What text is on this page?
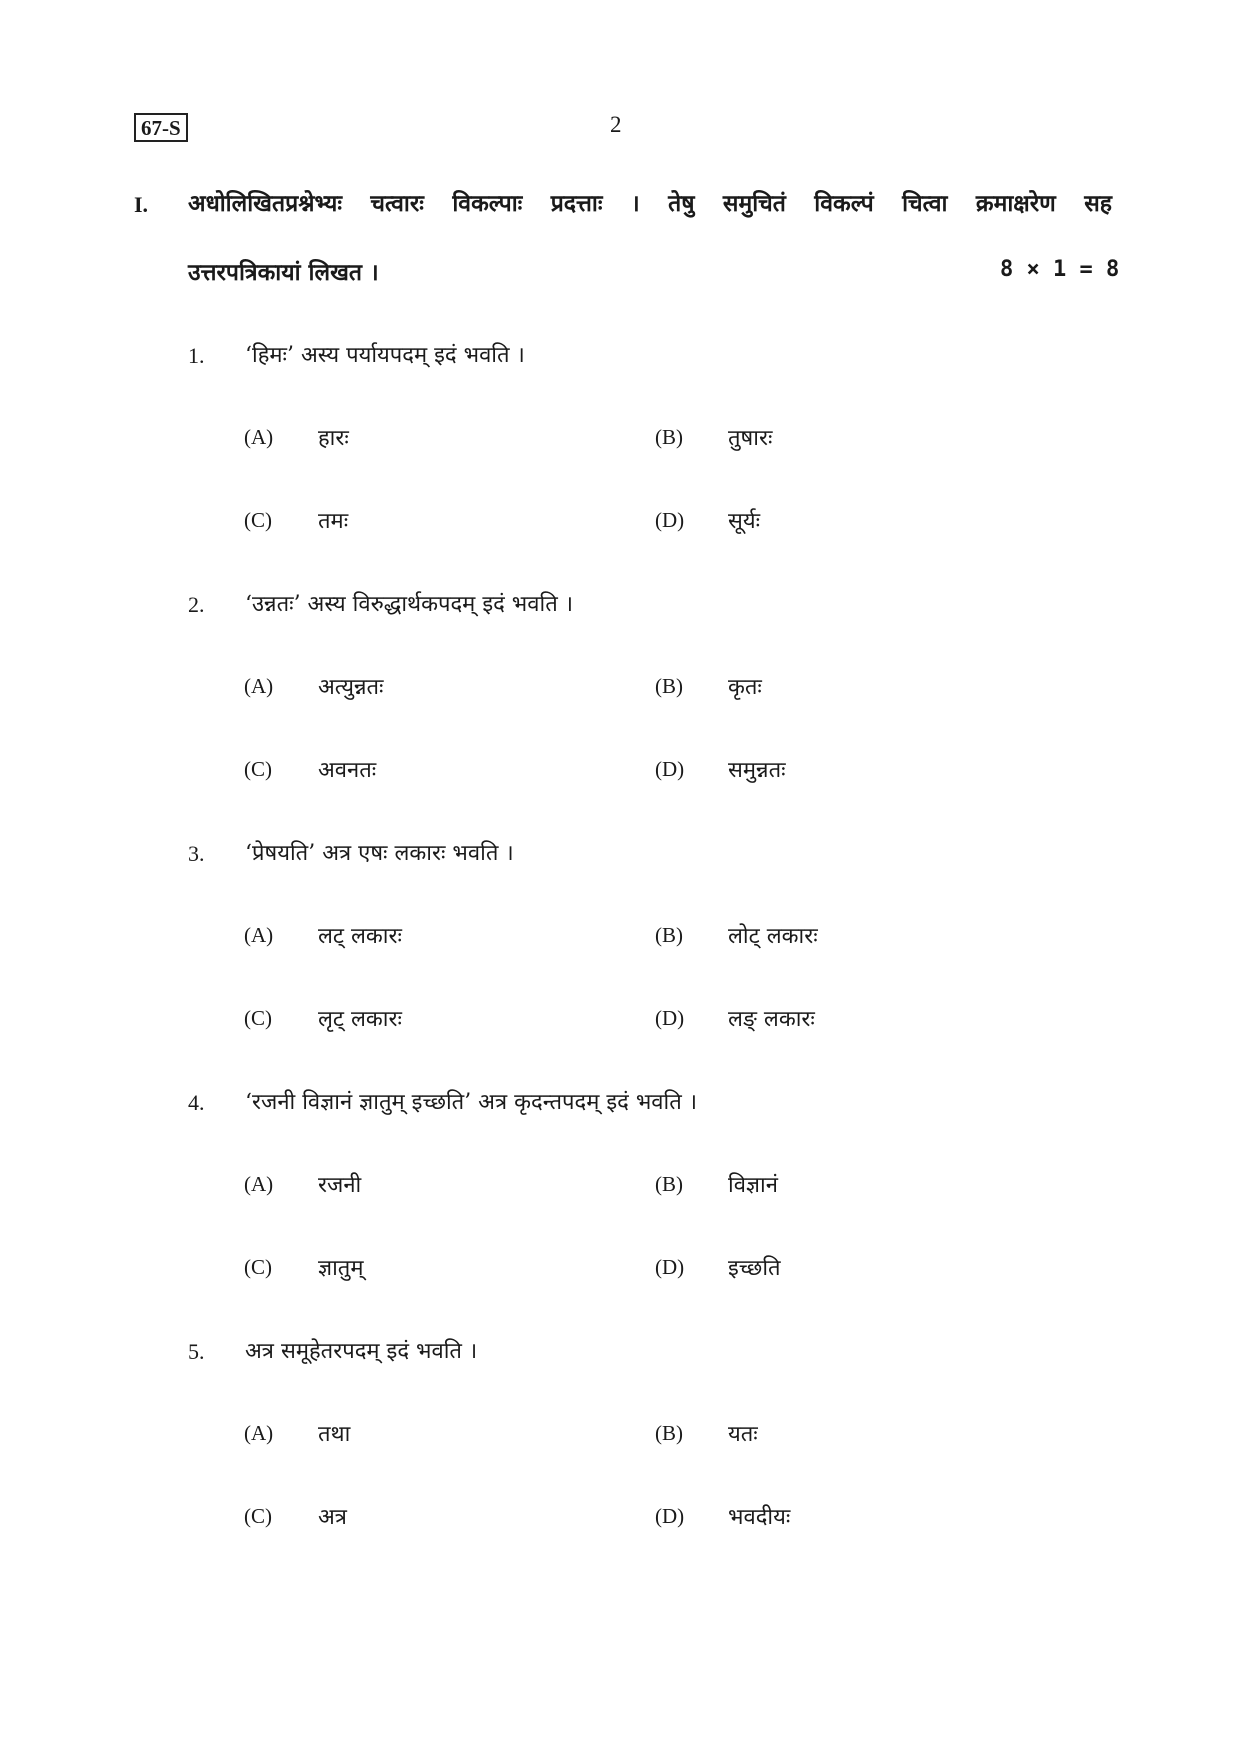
67-S	2
I. अधोलिखितप्रश्नेभ्यः चत्वारः विकल्पाः प्रदत्ताः । तेषु समुचितं विकल्पं चित्वा क्रमाक्षरेण सह
उत्तरपत्रिकायां लिखत ।	8 × 1 = 8
1. ‘हिमः’ अस्य पर्यायपदम् इदं भवति ।
(A) हारः	(B) तुषारः
(C) तमः	(D) सूर्यः
2. ‘उन्नतः’ अस्य विरुद्धार्थकपदम् इदं भवति ।
(A) अत्युन्नतः	(B) कृतः
(C) अवनतः	(D) समुन्नतः
3. ‘प्रेषयति’ अत्र एषः लकारः भवति ।
(A) लट् लकारः	(B) लोट् लकारः
(C) लृट् लकारः	(D) लङ् लकारः
4. ‘रजनी विज्ञानं ज्ञातुम् इच्छति’ अत्र कृदन्तपदम् इदं भवति ।
(A) रजनी	(B) विज्ञानं
(C) ज्ञातुम्	(D) इच्छति
5. अत्र समूहेतरपदम् इदं भवति ।
(A) तथा	(B) यतः
(C) अत्र	(D) भवदीयः
